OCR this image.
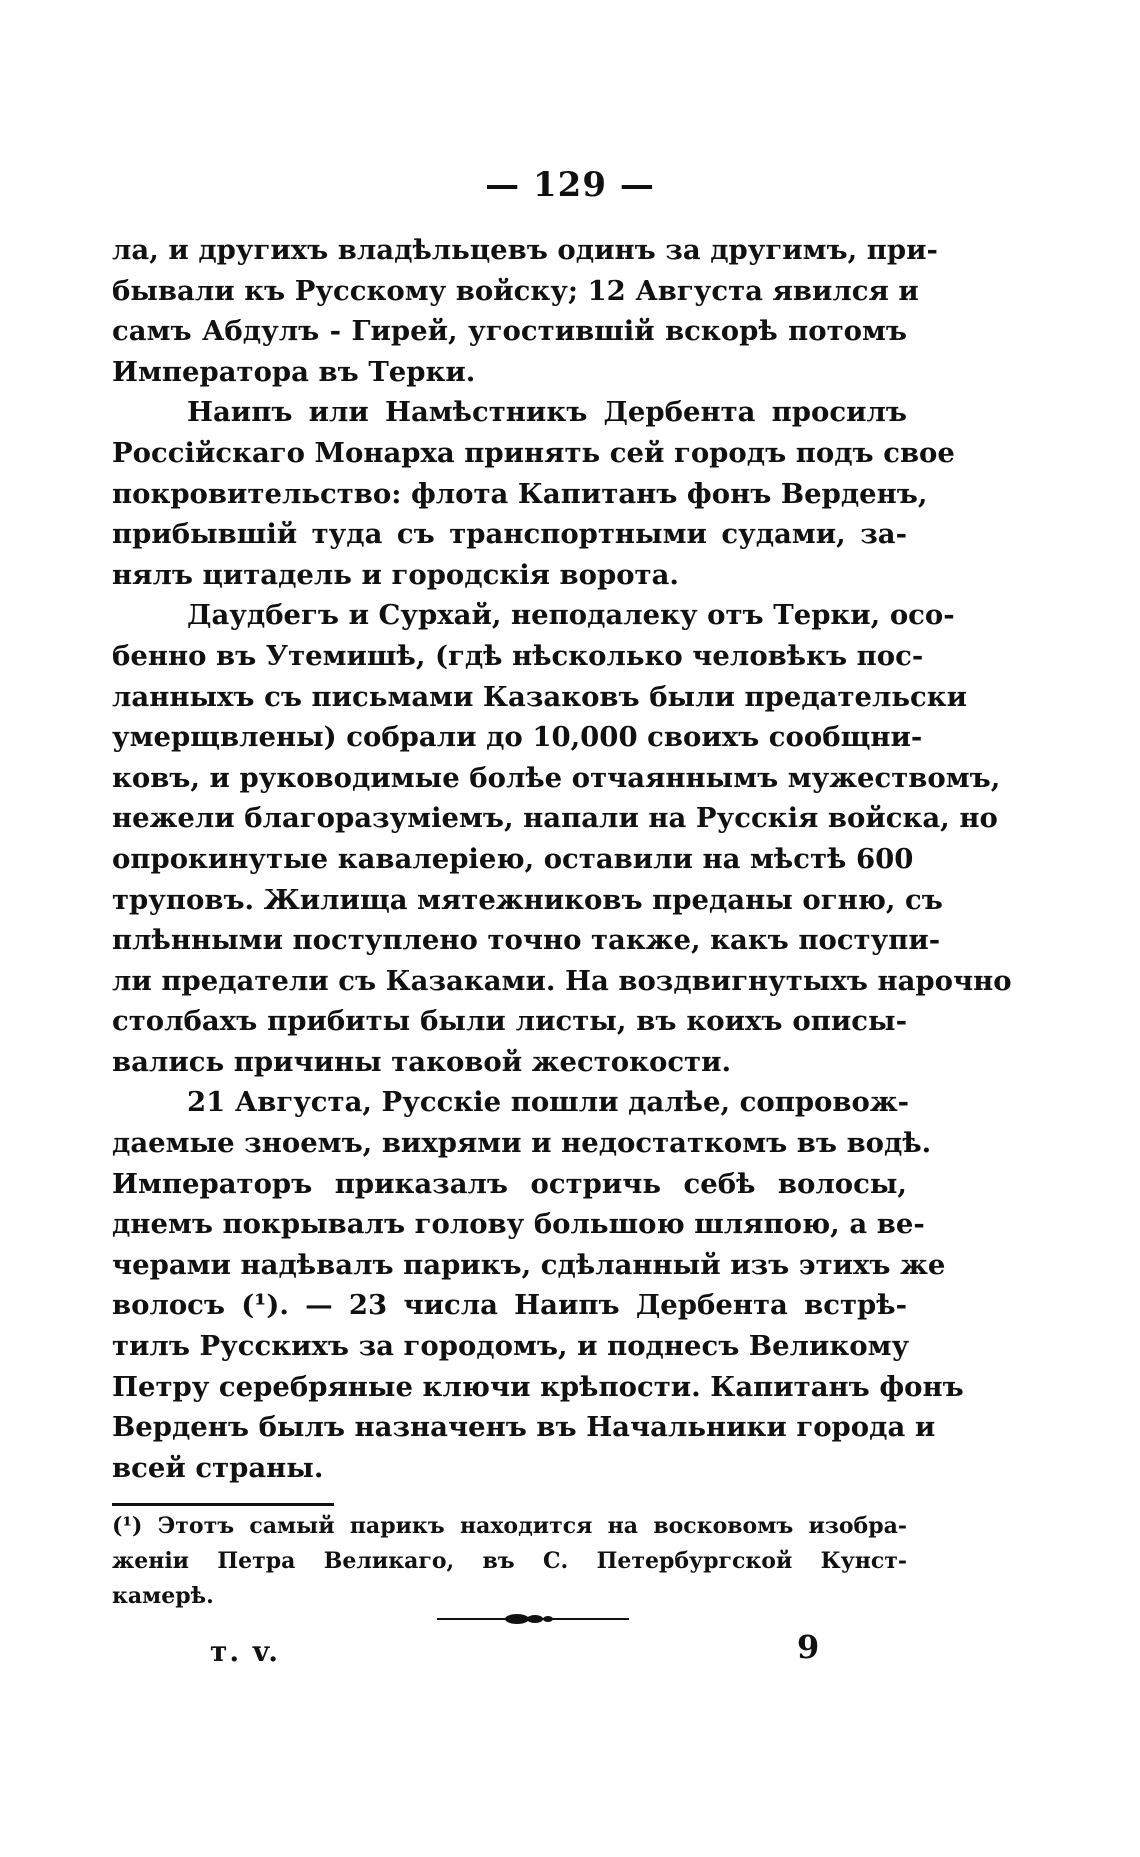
— 129 —
ла, и другихъ владѣльцевъ одинъ за другимъ, при-
бывали къ Русскому войску; 12 Августа явился и
самъ Абдулъ - Гирей, угостившій вскорѣ потомъ
Императора въ Терки.
Наипъ или Намѣстникъ Дербента просилъ
Россійскаго Монарха принять сей городъ подъ свое
покровительство: флота Капитанъ фонъ Верденъ,
прибывшій туда съ транспортными судами, за-
нялъ цитадель и городскія ворота.
Даудбегъ и Сурхай, неподалеку отъ Терки, осо-
бенно въ Утемишѣ, (гдѣ нѣсколько человѣкъ пос-
ланныхъ съ письмами Казаковъ были предательски
умерщвлены) собрали до 10,000 своихъ сообщни-
ковъ, и руководимые болѣе отчаяннымъ мужествомъ,
нежели благоразуміемъ, напали на Русскія войска, но
опрокинутые кавалеріею, оставили на мѣстѣ 600
труповъ. Жилища мятежниковъ преданы огню, съ
плѣнными поступлено точно также, какъ поступи-
ли предатели съ Казаками. На воздвигнутыхъ нарочно
столбахъ прибиты были листы, въ коихъ описы-
вались причины таковой жестокости.
21 Августа, Русскіе пошли далѣе, сопровож-
даемые зноемъ, вихрями и недостаткомъ въ водѣ.
Императоръ приказалъ остричь себѣ волосы,
днемъ покрывалъ голову большою шляпою, а ве-
черами надѣвалъ парикъ, сдѣланный изъ этихъ же
волосъ (¹). — 23 числа Наипъ Дербента встрѣ-
тилъ Русскихъ за городомъ, и поднесъ Великому
Петру серебряные ключи крѣпости. Капитанъ фонъ
Верденъ былъ назначенъ въ Начальники города и
всей страны.
(¹) Этотъ самый парикъ находится на восковомъ изобра-
женіи Петра Великаго, въ С. Петербургской Кунст-
камерѣ.
т. v.	9
